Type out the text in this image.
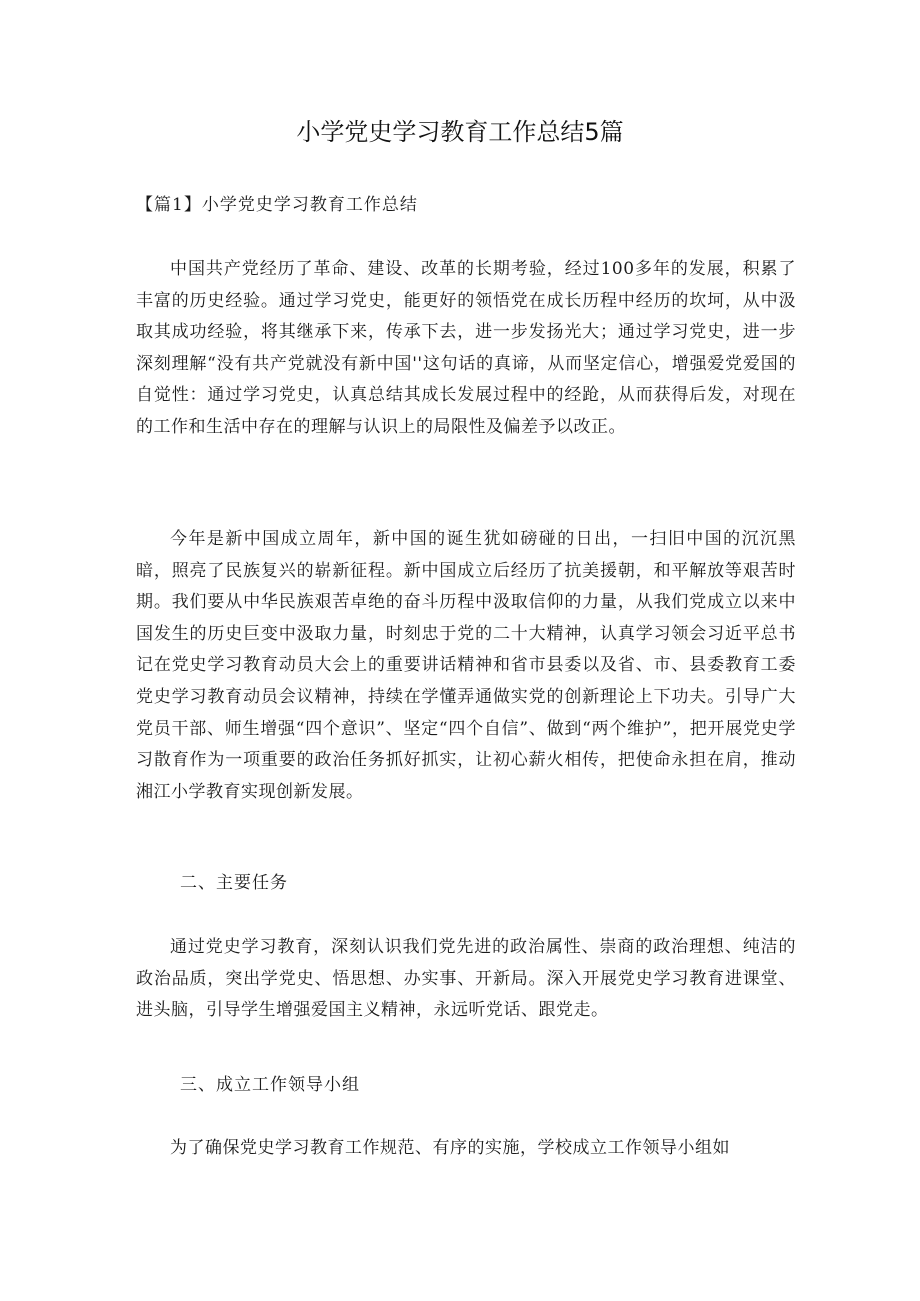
小学党史学习教育工作总结5篇
【篇1】小学党史学习教育工作总结

中国共产党经历了革命、建设、改革的长期考验，经过100多年的发展，积累了丰富的历史经验。通过学习党史，能更好的领悟党在成长历程中经历的坎坷，从中汲取其成功经验，将其继承下来，传承下去，进一步发扬光大；通过学习党史，进一步深刻理解“没有共产党就没有新中国''这句话的真谛，从而坚定信心，增强爱党爱国的自觉性：通过学习党史，认真总结其成长发展过程中的经跄，从而获得后发，对现在的工作和生活中存在的理解与认识上的局限性及偏差予以改正。

今年是新中国成立周年，新中国的诞生犹如磅碰的日出，一扫旧中国的沉沉黑暗，照亮了民族复兴的崭新征程。新中国成立后经历了抗美援朝，和平解放等艰苦时期。我们要从中华民族艰苦卓绝的奋斗历程中汲取信仰的力量，从我们党成立以来中国发生的历史巨变中汲取力量，时刻忠于党的二十大精神，认真学习领会习近平总书记在党史学习教育动员大会上的重要讲话精神和省市县委以及省、市、县委教育工委党史学习教育动员会议精神，持续在学懂弄通做实党的创新理论上下功夫。引导广大党员干部、师生增强“四个意识”、坚定“四个自信”、做到“两个维护”，把开展党史学习散育作为一项重要的政治任务抓好抓实，让初心薪火相传，把使命永担在肩，推动湘江小学教育实现创新发展。

二、主要任务

通过党史学习教育，深刻认识我们党先进的政治属性、崇商的政治理想、纯洁的政治品质，突出学党史、悟思想、办实事、开新局。深入开展党史学习教育进课堂、进头脑，引导学生增强爱国主义精神，永远听党话、跟党走。

三、成立工作领导小组

为了确保党史学习教育工作规范、有序的实施，学校成立工作领导小组如
